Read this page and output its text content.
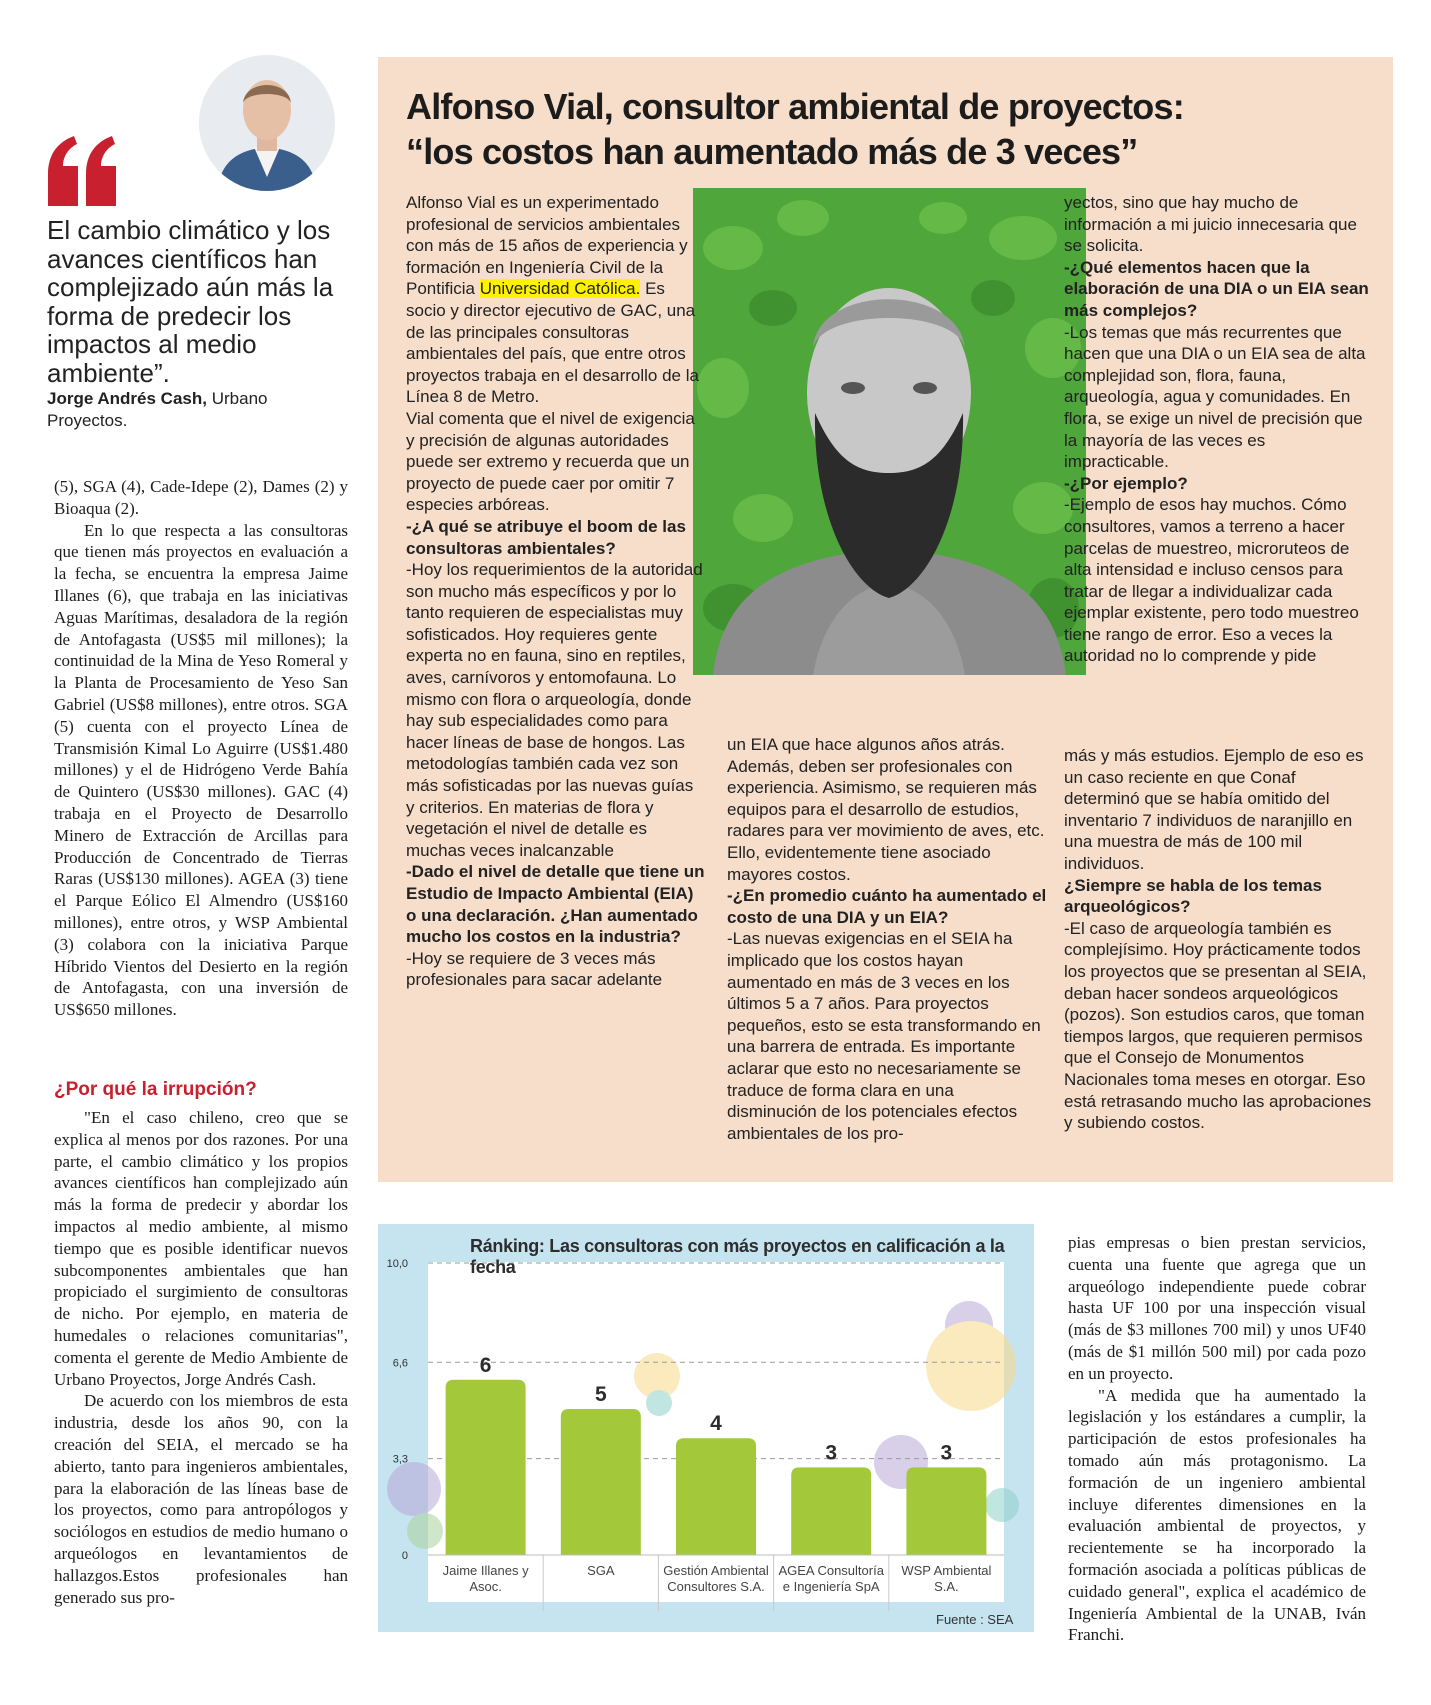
El cambio climático y los avances científicos han complejizado aún más la forma de predecir los impactos al medio ambiente”.
Jorge Andrés Cash, Urbano Proyectos.

(5), SGA (4), Cade-Idepe (2), Dames (2) y Bioaqua (2).

En lo que respecta a las consultoras que tienen más proyectos en evaluación a la fecha, se encuentra la empresa Jaime Illanes (6), que trabaja en las iniciativas Aguas Marítimas, desaladora de la región de Antofagasta (US$5 mil millones); la continuidad de la Mina de Yeso Romeral y la Planta de Procesamiento de Yeso San Gabriel (US$8 millones), entre otros. SGA (5) cuenta con el proyecto Línea de Transmisión Kimal Lo Aguirre (US$1.480 millones) y el de Hidrógeno Verde Bahía de Quintero (US$30 millones). GAC (4) trabaja en el Proyecto de Desarrollo Minero de Extracción de Arcillas para Producción de Concentrado de Tierras Raras (US$130 millones). AGEA (3) tiene el Parque Eólico El Almendro (US$160 millones), entre otros, y WSP Ambiental (3) colabora con la iniciativa Parque Híbrido Vientos del Desierto en la región de Antofagasta, con una inversión de US$650 millones.

¿Por qué la irrupción?

"En el caso chileno, creo que se explica al menos por dos razones. Por una parte, el cambio climático y los propios avances científicos han complejizado aún más la forma de predecir y abordar los impactos al medio ambiente, al mismo tiempo que es posible identificar nuevos subcomponentes ambientales que han propiciado el surgimiento de consultoras de nicho. Por ejemplo, en materia de humedales o relaciones comunitarias", comenta el gerente de Medio Ambiente de Urbano Proyectos, Jorge Andrés Cash.

De acuerdo con los miembros de esta industria, desde los años 90, con la creación del SEIA, el mercado se ha abierto, tanto para ingenieros ambientales, para la elaboración de las líneas base de los proyectos, como para antropólogos y sociólogos en estudios de medio humano o arqueólogos en levantamientos de hallazgos.Estos profesionales han generado sus pro-

Alfonso Vial, consultor ambiental de proyectos:
“los costos han aumentado más de 3 veces”

Alfonso Vial es un experimentado profesional de servicios ambientales con más de 15 años de experiencia y formación en Ingeniería Civil de la Pontificia Universidad Católica. Es socio y director ejecutivo de GAC, una de las principales consultoras ambientales del país, que entre otros proyectos trabaja en el desarrollo de la Línea 8 de Metro.

Vial comenta que el nivel de exigencia y precisión de algunas autoridades puede ser extremo y recuerda que un proyecto de puede caer por omitir 7 especies arbóreas.

-¿A qué se atribuye el boom de las consultoras ambientales?

-Hoy los requerimientos de la autoridad son mucho más específicos y por lo tanto requieren de especialistas muy sofisticados. Hoy requieres gente experta no en fauna, sino en reptiles, aves, carnívoros y entomofauna. Lo mismo con flora o arqueología, donde hay sub especialidades como para hacer líneas de base de hongos. Las metodologías también cada vez son más sofisticadas por las nuevas guías y criterios. En materias de flora y vegetación el nivel de detalle es muchas veces inalcanzable

-Dado el nivel de detalle que tiene un Estudio de Impacto Ambiental (EIA) o una declaración. ¿Han aumentado mucho los costos en la industria?

-Hoy se requiere de 3 veces más profesionales para sacar adelante

un EIA que hace algunos años atrás. Además, deben ser profesionales con experiencia. Asimismo, se requieren más equipos para el desarrollo de estudios, radares para ver movimiento de aves, etc. Ello, evidentemente tiene asociado mayores costos.

-¿En promedio cuánto ha aumentado el costo de una DIA y un EIA?

-Las nuevas exigencias en el SEIA ha implicado que los costos hayan aumentado en más de 3 veces en los últimos 5 a 7 años. Para proyectos pequeños, esto se esta transformando en una barrera de entrada. Es importante aclarar que esto no necesariamente se traduce de forma clara en una disminución de los potenciales efectos ambientales de los pro-

yectos, sino que hay mucho de información a mi juicio innecesaria que se solicita.

-¿Qué elementos hacen que la elaboración de una DIA o un EIA sean más complejos?

-Los temas que más recurrentes que hacen que una DIA o un EIA sea de alta complejidad son, flora, fauna, arqueología, agua y comunidades. En flora, se exige un nivel de precisión que la mayoría de las veces es impracticable.

-¿Por ejemplo?

-Ejemplo de esos hay muchos. Cómo consultores, vamos a terreno a hacer parcelas de muestreo, microruteos de alta intensidad e incluso censos para tratar de llegar a individualizar cada ejemplar existente, pero todo muestreo tiene rango de error. Eso a veces la autoridad no lo comprende y pide

más y más estudios. Ejemplo de eso es un caso reciente en que Conaf determinó que se había omitido del inventario 7 individuos de naranjillo en una muestra de más de 100 mil individuos.

¿Siempre se habla de los temas arqueológicos?

-El caso de arqueología también es complejísimo. Hoy prácticamente todos los proyectos que se presentan al SEIA, deban hacer sondeos arqueológicos (pozos). Son estudios caros, que toman tiempos largos, que requieren permisos que el Consejo de Monumentos Nacionales toma meses en otorgar. Eso está retrasando mucho las aprobaciones y subiendo costos.

Ránking: Las consultoras con más proyectos en calificación a la fecha
6
5
4
3	3
0
3,3
6,6
10,0
Jaime Illanes y Asoc.
SGA	Gestión Ambiental Consultores S.A.
AGEA Consultoría e Ingeniería SpA
WSP Ambiental S.A.
Fuente : SEA

pias empresas o bien prestan servicios, cuenta una fuente que agrega que un arqueólogo independiente puede cobrar hasta UF 100 por una inspección visual (más de $3 millones 700 mil) y unos UF40 (más de $1 millón 500 mil) por cada pozo en un proyecto.

"A medida que ha aumentado la legislación y los estándares a cumplir, la participación de estos profesionales ha tomado aún más protagonismo. La formación de un ingeniero ambiental incluye diferentes dimensiones en la evaluación ambiental de proyectos, y recientemente se ha incorporado la formación asociada a políticas públicas de cuidado general", explica el académico de Ingeniería Ambiental de la UNAB, Iván Franchi.
